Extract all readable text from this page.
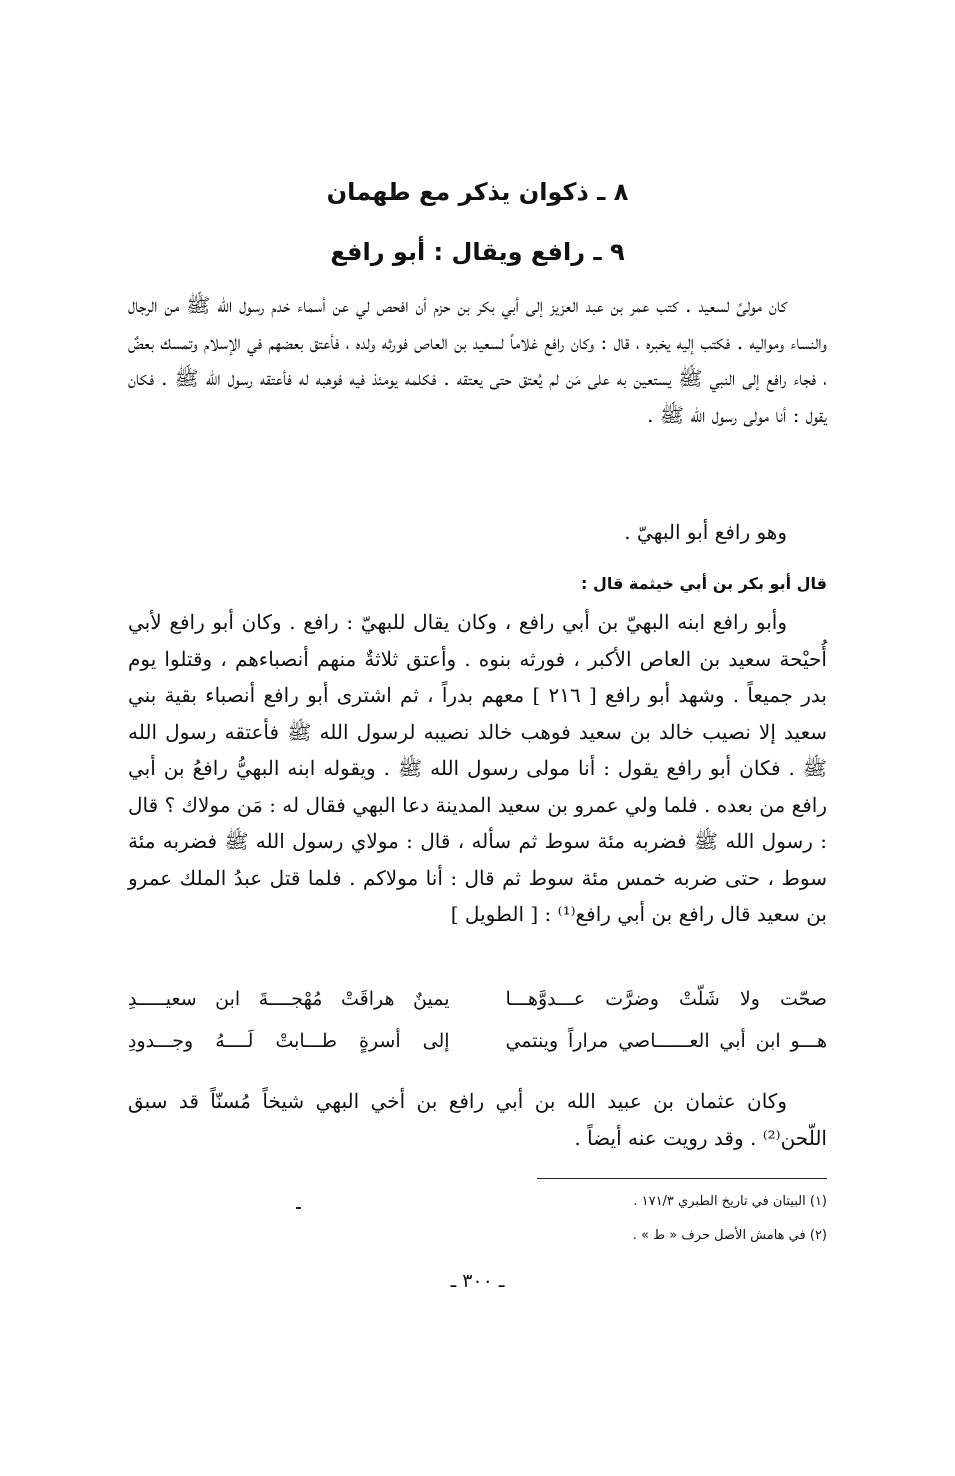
٨ ـ ذكوان يذكر مع طهمان
٩ ـ رافع ويقال : أبو رافع
كان مولىً لسعيد . كتب عمر بن عبد العزيز إلى أبي بكر بن حزم أن افحص لي عن أسماء خدم رسول الله ﷺ من الرجال والنساء ومواليه . فكتب إليه يخبره ، قال : وكان رافع غلاماً لسعيد بن العاص فورثه ولده ، فأعتق بعضهم في الإسلام وتمسك بعضٌ ، فجاء رافع إلى النبي ﷺ يستعين به على مَن لم يُعتق حتى يعتقه . فكلمه يومئذ فيه فوهبه له فأعتقه رسول الله ﷺ . فكان يقول : أنا مولى رسول الله ﷺ .
وهو رافع أبو البهيّ .
قال أبو بكر بن أبي خيثمة قال :
وأبو رافع ابنه البهيّ بن أبي رافع ، وكان يقال للبهيّ : رافع . وكان أبو رافع لأبي أُحيْحة سعيد بن العاص الأكبر ، فورثه بنوه . وأعتق ثلاثةٌ منهم أنصباءهم ، وقتلوا يوم بدر جميعاً . وشهد أبو رافع [ ٢١٦ ] معهم بدراً ، ثم اشترى أبو رافع أنصباء بقية بني سعيد إلا نصيب خالد بن سعيد فوهب خالد نصيبه لرسول الله ﷺ فأعتقه رسول الله ﷺ . فكان أبو رافع يقول : أنا مولى رسول الله ﷺ . ويقوله ابنه البهيُّ رافعُ بن أبي رافع من بعده . فلما ولي عمرو بن سعيد المدينة دعا البهي فقال له : مَن مولاك ؟ قال : رسول الله ﷺ فضربه مئة سوط ثم سأله ، قال : مولاي رسول الله ﷺ فضربه مئة سوط ، حتى ضربه خمس مئة سوط ثم قال : أنا مولاكم . فلما قتل عبدُ الملك عمرو بن سعيد قال رافع بن أبي رافع⁽¹⁾ : [ الطويل ]
صحّت ولا شَلّتْ وضرَّت عـــدوَّهـــا
يمينٌ هراقَتْ مُهْجــــةَ ابن سعيـــــدِ
هـــو ابن أبي العــــــاصي مراراً وينتمي
إلى أسرةٍ طـــابتْ لَــــهُ وجـــدودِ
وكان عثمان بن عبيد الله بن أبي رافع بن أخي البهي شيخاً مُسنّاً قد سبق اللّحن⁽²⁾ . وقد رويت عنه أيضاً .
(١) البيتان في تاريخ الطبري ١٧١/٣ .
(٢) في هامش الأصل حرف « ط » .
ـ ٣٠٠ ـ
